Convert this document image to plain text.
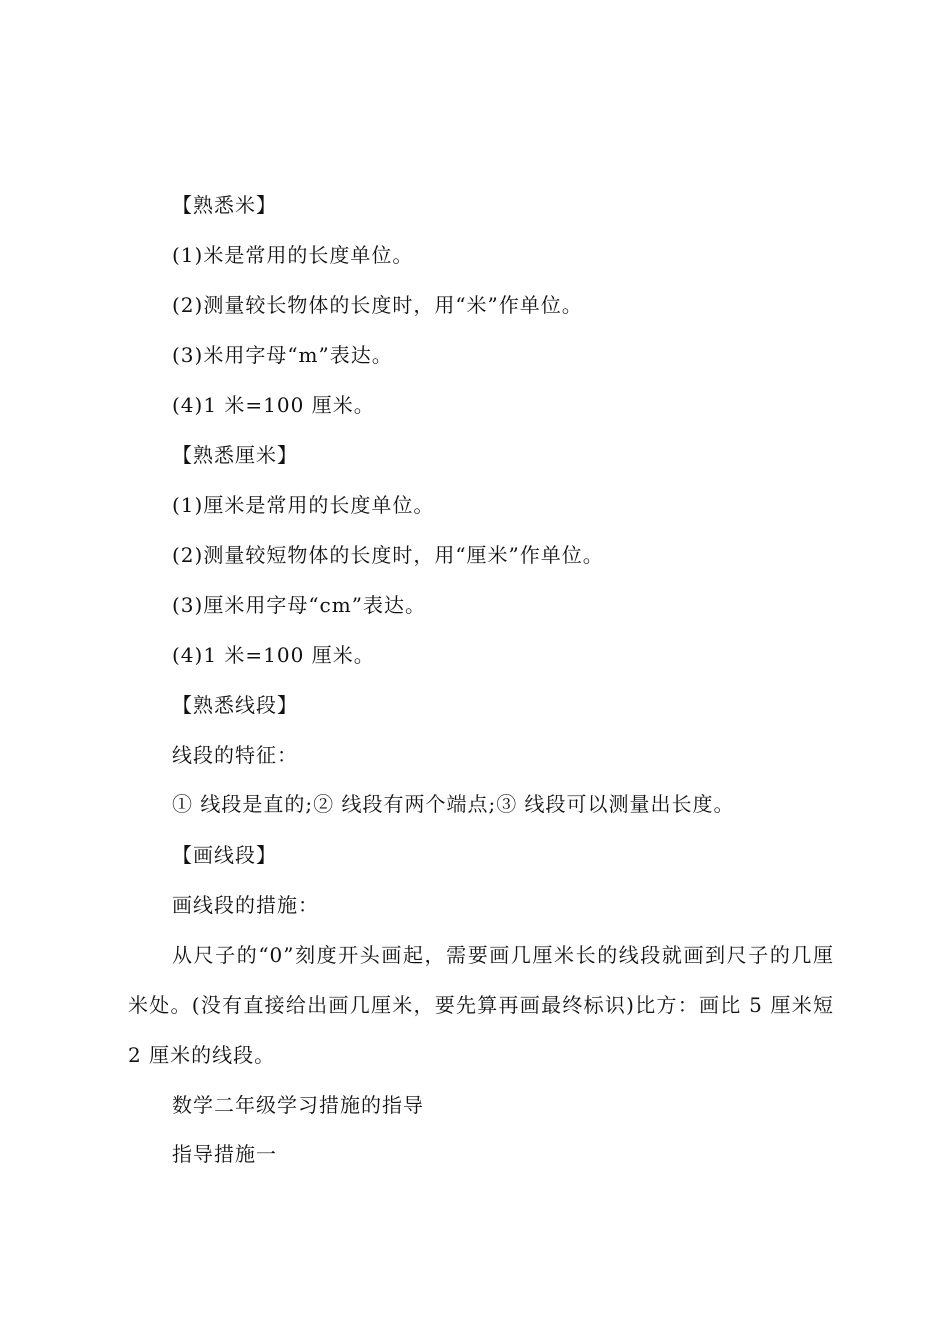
【熟悉米】
(1)米是常用的长度单位。
(2)测量较长物体的长度时，用“米”作单位。
(3)米用字母“m”表达。
(4)1 米=100 厘米。
【熟悉厘米】
(1)厘米是常用的长度单位。
(2)测量较短物体的长度时，用“厘米”作单位。
(3)厘米用字母“cm”表达。
(4)1 米=100 厘米。
【熟悉线段】
线段的特征：
① 线段是直的;② 线段有两个端点;③ 线段可以测量出长度。
【画线段】
画线段的措施：
从尺子的“0”刻度开头画起，需要画几厘米长的线段就画到尺子的几厘米处。(没有直接给出画几厘米，要先算再画最终标识)比方：画比 5 厘米短 2 厘米的线段。
数学二年级学习措施的指导
指导措施一
